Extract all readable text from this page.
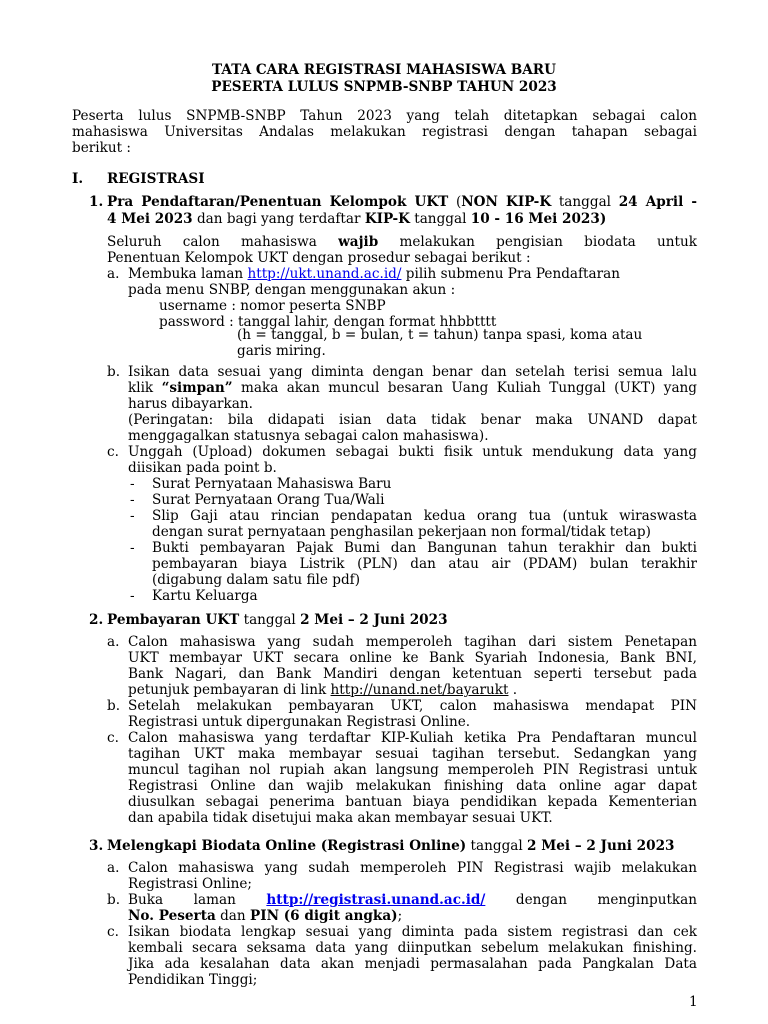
TATA CARA REGISTRASI MAHASISWA BARU
PESERTA LULUS SNPMB-SNBP TAHUN 2023
Peserta lulus SNPMB-SNBP Tahun 2023 yang telah ditetapkan sebagai calon
mahasiswa Universitas Andalas melakukan registrasi dengan tahapan sebagai
berikut :
I. REGISTRASI
1. Pra Pendaftaran/Penentuan Kelompok UKT (NON KIP-K tanggal 24 April -
4 Mei 2023 dan bagi yang terdaftar KIP-K tanggal 10 - 16 Mei 2023)
Seluruh calon mahasiswa wajib melakukan pengisian biodata untuk
Penentuan Kelompok UKT dengan prosedur sebagai berikut :
a. Membuka laman http://ukt.unand.ac.id/ pilih submenu Pra Pendaftaran
pada menu SNBP, dengan menggunakan akun :
username : nomor peserta SNBP
password : tanggal lahir, dengan format hhbbtttt
(h = tanggal, b = bulan, t = tahun) tanpa spasi, koma atau
garis miring.
b. Isikan data sesuai yang diminta dengan benar dan setelah terisi semua lalu
klik “simpan” maka akan muncul besaran Uang Kuliah Tunggal (UKT) yang
harus dibayarkan.
(Peringatan: bila didapati isian data tidak benar maka UNAND dapat
menggagalkan statusnya sebagai calon mahasiswa).
c. Unggah (Upload) dokumen sebagai bukti fisik untuk mendukung data yang
diisikan pada point b.
- Surat Pernyataan Mahasiswa Baru
- Surat Pernyataan Orang Tua/Wali
- Slip Gaji atau rincian pendapatan kedua orang tua (untuk wiraswasta
dengan surat pernyataan penghasilan pekerjaan non formal/tidak tetap)
- Bukti pembayaran Pajak Bumi dan Bangunan tahun terakhir dan bukti
pembayaran biaya Listrik (PLN) dan atau air (PDAM) bulan terakhir
(digabung dalam satu file pdf)
- Kartu Keluarga
2. Pembayaran UKT tanggal 2 Mei – 2 Juni 2023
a. Calon mahasiswa yang sudah memperoleh tagihan dari sistem Penetapan
UKT membayar UKT secara online ke Bank Syariah Indonesia, Bank BNI,
Bank Nagari, dan Bank Mandiri dengan ketentuan seperti tersebut pada
petunjuk pembayaran di link http://unand.net/bayarukt .
b. Setelah melakukan pembayaran UKT, calon mahasiswa mendapat PIN
Registrasi untuk dipergunakan Registrasi Online.
c. Calon mahasiswa yang terdaftar KIP-Kuliah ketika Pra Pendaftaran muncul
tagihan UKT maka membayar sesuai tagihan tersebut. Sedangkan yang
muncul tagihan nol rupiah akan langsung memperoleh PIN Registrasi untuk
Registrasi Online dan wajib melakukan finishing data online agar dapat
diusulkan sebagai penerima bantuan biaya pendidikan kepada Kementerian
dan apabila tidak disetujui maka akan membayar sesuai UKT.
3. Melengkapi Biodata Online (Registrasi Online) tanggal 2 Mei – 2 Juni 2023
a. Calon mahasiswa yang sudah memperoleh PIN Registrasi wajib melakukan
Registrasi Online;
b. Buka laman http://registrasi.unand.ac.id/ dengan menginputkan
No. Peserta dan PIN (6 digit angka);
c. Isikan biodata lengkap sesuai yang diminta pada sistem registrasi dan cek
kembali secara seksama data yang diinputkan sebelum melakukan finishing.
Jika ada kesalahan data akan menjadi permasalahan pada Pangkalan Data
Pendidikan Tinggi;
1
